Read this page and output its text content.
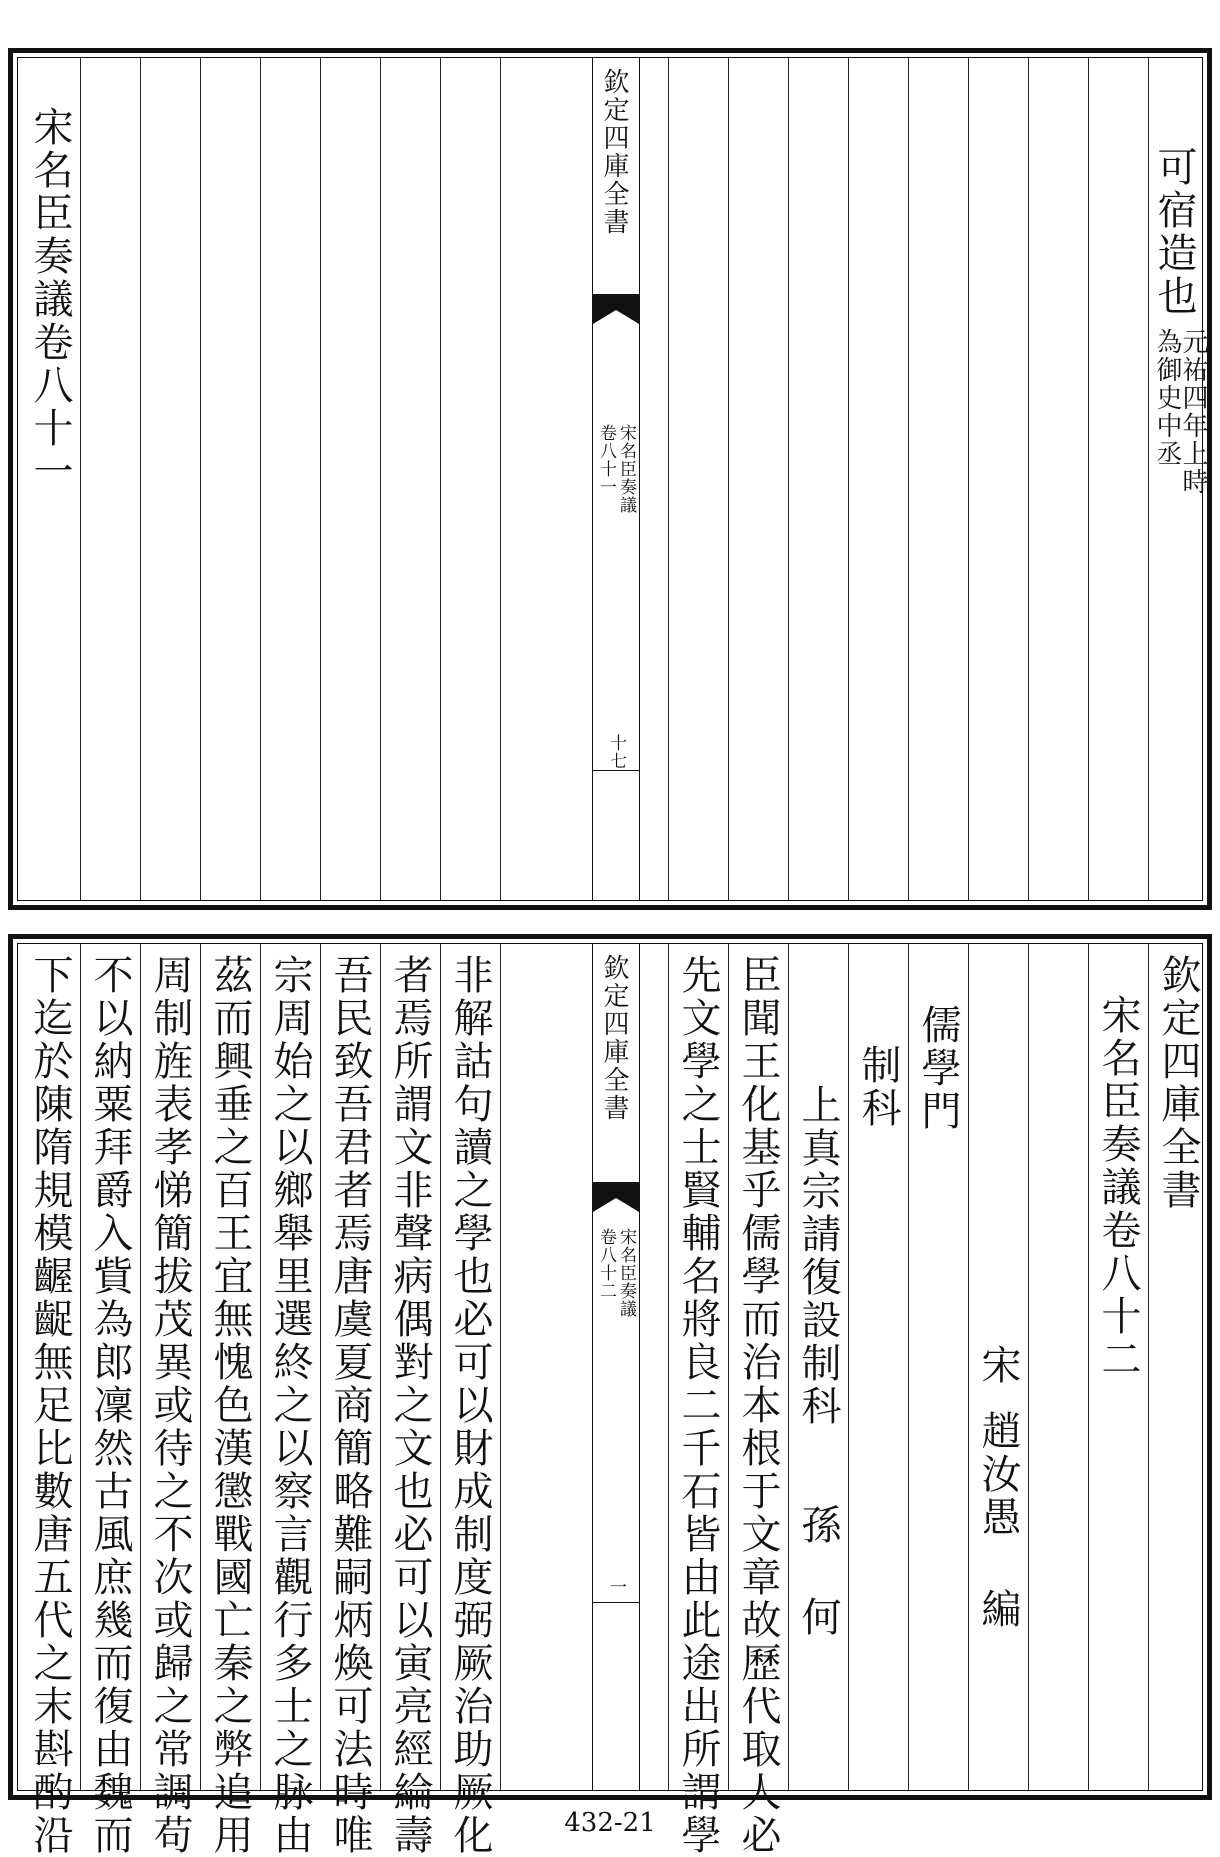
宋名臣奏議卷八十一	欽定四庫全書
宋名臣奏議
卷八十一
十七
可宿造也
元祐四年上時
為御史中丞
非解詁句讀之學也必可以財成制度弼厥治助厥化
者焉所謂文非聲病偶對之文也必可以寅亮經綸壽
吾民致吾君者焉唐虞夏商簡略難嗣炳煥可法時唯
宗周始之以鄉舉里選終之以察言觀行多士之脉由
茲而興垂之百王宜無愧色漢懲戰國亡秦之弊追用
周制旌表孝悌簡拔茂異或待之不次或歸之常調苟
不以納粟拜爵入貲為郎凜然古風庶幾而復由魏而
下迄於陳隋規模齷齪無足比數唐五代之末斟酌沿	欽定四庫全書
宋名臣奏議
卷八十二
一 先文學之士賢輔名將良二千石皆由此途出所謂學 臣聞王化基乎儒學而治本根于文章故歷代取人必 孫 何
上真宗請復設制科 制科 儒學門
宋
趙汝愚 編
宋名臣奏議卷八十二 欽定四庫全書
432-21
